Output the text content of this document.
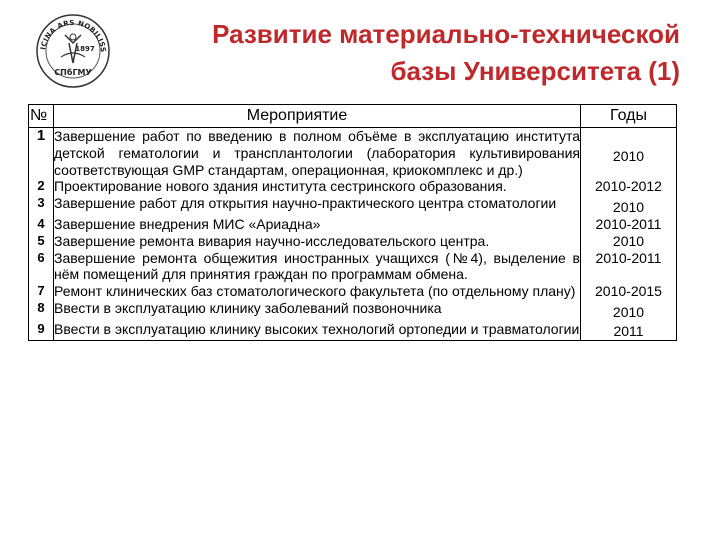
ICINA ARS NOBILISS
1897
СПбГМУ
Развитие материально-технической
базы Университета (1)
№	Мероприятие	Годы
1	Завершение работ по введению в полном объёме в эксплуатацию института детской гематологии и трансплантологии (лаборатория культивирования соответствующая GMP стандартам, операционная, криокомплекс и др.)	2010
2	Проектирование нового здания института сестринского образования.	2010-2012
3	Завершение работ для открытия научно-практического центра стоматологии	2010
4	Завершение внедрения МИС «Ариадна»	2010-2011
5	Завершение ремонта вивария научно-исследовательского центра.	2010
6	Завершение ремонта общежития иностранных учащихся (№4), выделение в нём помещений для принятия граждан по программам обмена.	2010-2011
7	Ремонт клинических баз стоматологического факультета (по отдельному плану)	2010-2015
8	Ввести в эксплуатацию клинику заболеваний позвоночника	2010
9	Ввести в эксплуатацию клинику высоких технологий ортопедии и травматологии	2011
